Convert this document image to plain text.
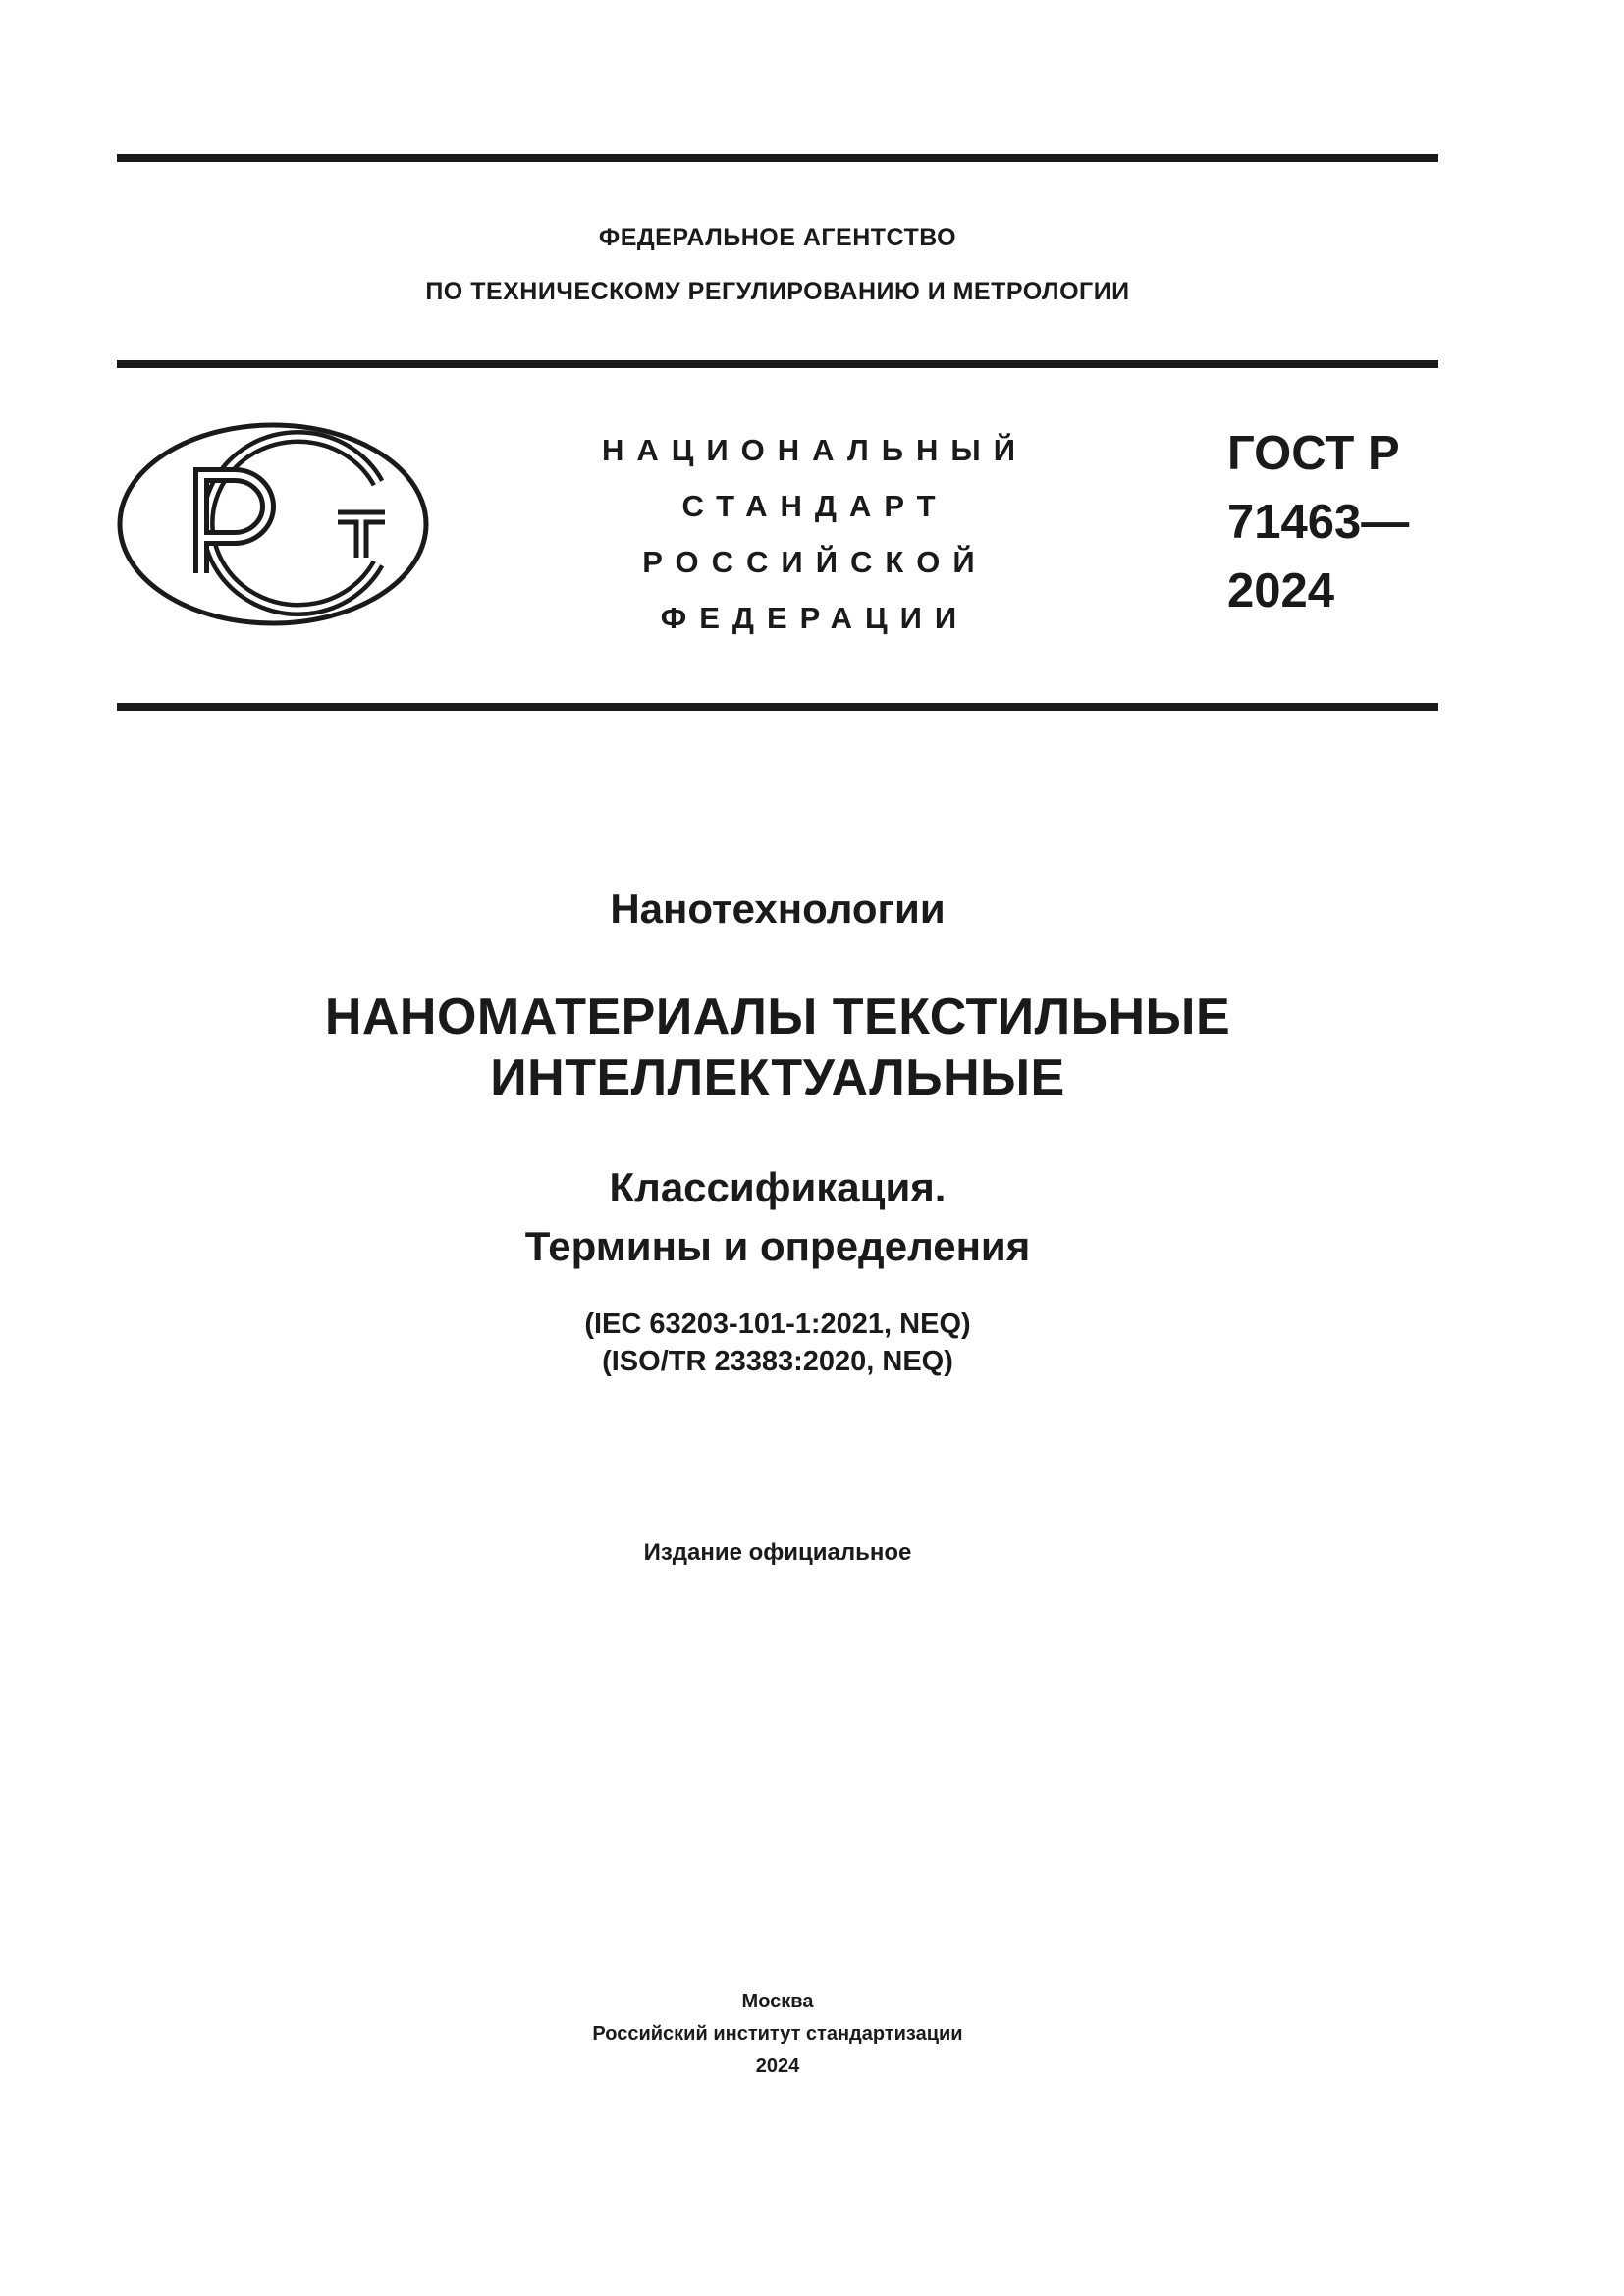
ФЕДЕРАЛЬНОЕ АГЕНТСТВО
ПО ТЕХНИЧЕСКОМУ РЕГУЛИРОВАНИЮ И МЕТРОЛОГИИ
НАЦИОНАЛЬНЫЙ
СТАНДАРТ
РОССИЙСКОЙ
ФЕДЕРАЦИИ
ГОСТ Р
71463—
2024
Нанотехнологии
НАНОМАТЕРИАЛЫ ТЕКСТИЛЬНЫЕ
ИНТЕЛЛЕКТУАЛЬНЫЕ
Классификация.
Термины и определения
(IEC 63203-101-1:2021, NEQ)
(ISO/TR 23383:2020, NEQ)
Издание официальное
Москва
Российский институт стандартизации
2024
